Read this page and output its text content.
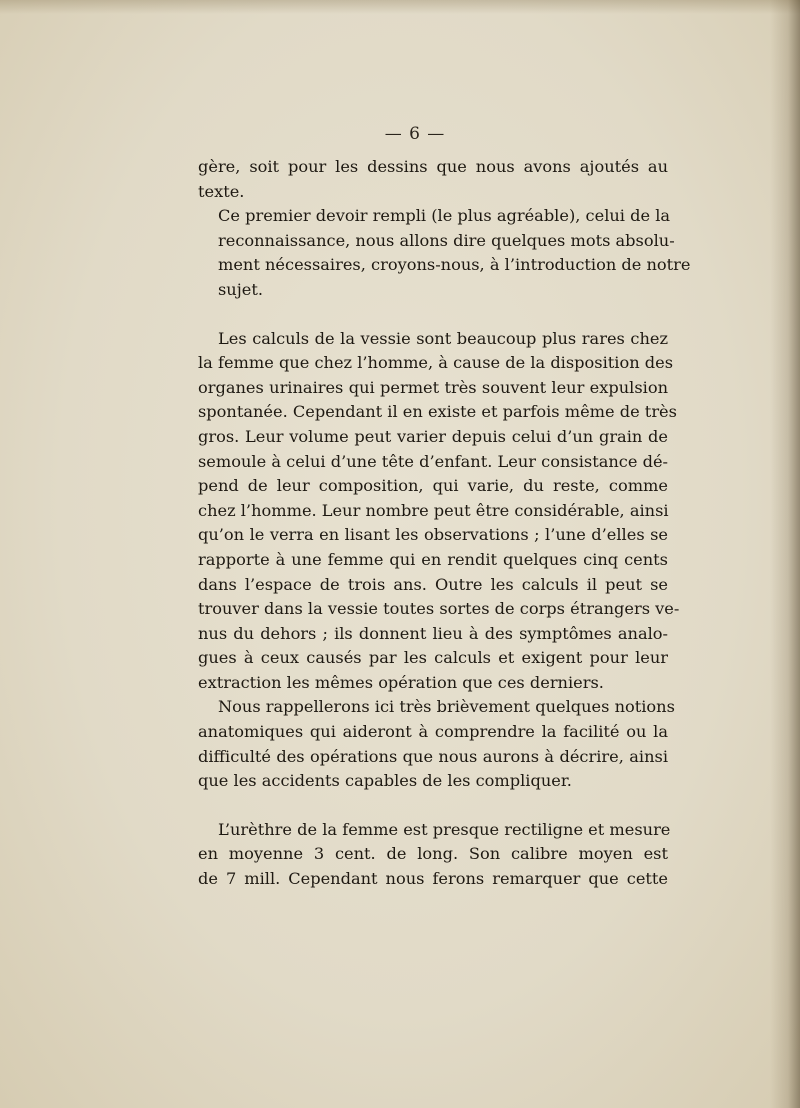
— 6 —

gère, soit pour les dessins que nous avons ajoutés au
texte.

Ce premier devoir rempli (le plus agréable), celui de la
reconnaissance, nous allons dire quelques mots absolu-
ment nécessaires, croyons-nous, à l’introduction de notre
sujet.

Les calculs de la vessie sont beaucoup plus rares chez
la femme que chez l’homme, à cause de la disposition des
organes urinaires qui permet très souvent leur expulsion
spontanée. Cependant il en existe et parfois même de très
gros. Leur volume peut varier depuis celui d’un grain de
semoule à celui d’une tête d’enfant. Leur consistance dé-
pend de leur composition, qui varie, du reste, comme
chez l’homme. Leur nombre peut être considérable, ainsi
qu’on le verra en lisant les observations ; l’une d’elles se
rapporte à une femme qui en rendit quelques cinq cents
dans l’espace de trois ans. Outre les calculs il peut se
trouver dans la vessie toutes sortes de corps étrangers ve-
nus du dehors ; ils donnent lieu à des symptômes analo-
gues à ceux causés par les calculs et exigent pour leur
extraction les mêmes opération que ces derniers.

Nous rappellerons ici très brièvement quelques notions
anatomiques qui aideront à comprendre la facilité ou la
difficulté des opérations que nous aurons à décrire, ainsi
que les accidents capables de les compliquer.

L’urèthre de la femme est presque rectiligne et mesure
en moyenne 3 cent. de long. Son calibre moyen est
de 7 mill. Cependant nous ferons remarquer que cette
